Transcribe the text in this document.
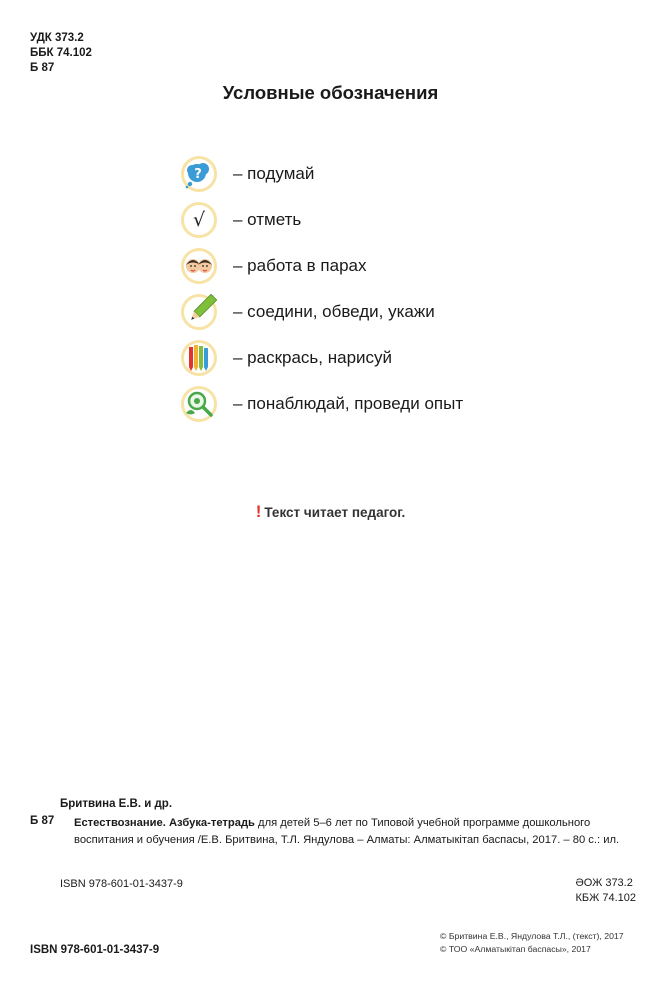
УДК 373.2
ББК 74.102
Б 87
Условные обозначения
? – подумай
√ – отметь
– работа в парах
– соедини, обведи, укажи
– раскрась, нарисуй
– понаблюдай, проведи опыт
! Текст читает педагог.
Бритвина Е.В. и др.
Б 87 Естествознание. Азбука-тетрадь для детей 5–6 лет по Типовой учебной программе дошкольного воспитания и обучения /Е.В. Бритвина, Т.Л. Яндулова – Алматы: Алматыкітап баспасы, 2017. – 80 с.: ил.
ISBN 978-601-01-3437-9	ӘОЖ 373.2
КБЖ 74.102
ISBN 978-601-01-3437-9
© Бритвина Е.В., Яндулова Т.Л., (текст), 2017
© ТОО «Алматыкітап баспасы», 2017
